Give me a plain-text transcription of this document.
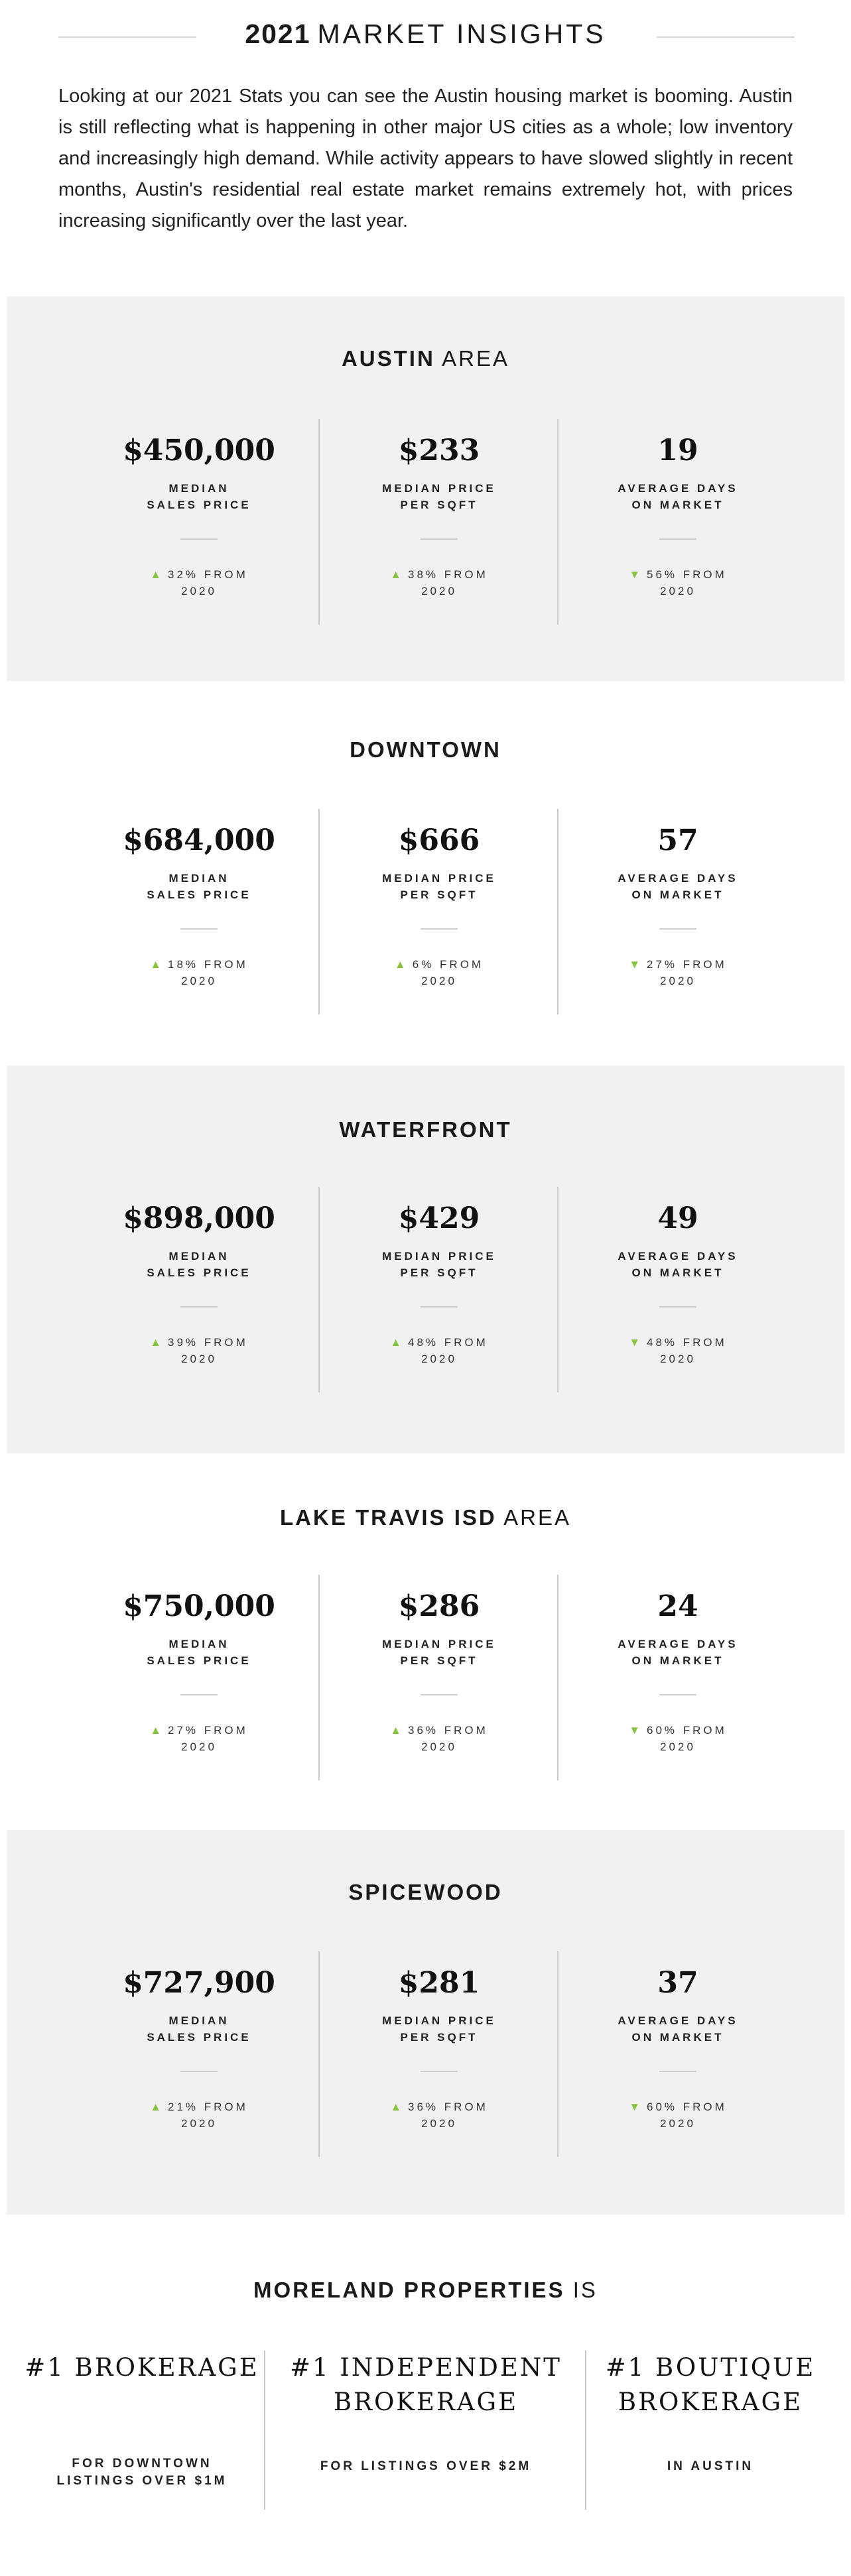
2021 MARKET INSIGHTS

Looking at our 2021 Stats you can see the Austin housing market is booming. Austin is still reflecting what is happening in other major US cities as a whole; low inventory and increasingly high demand. While activity appears to have slowed slightly in recent months, Austin's residential real estate market remains extremely hot, with prices increasing significantly over the last year.

AUSTIN AREA
$450,000
MEDIAN
SALES PRICE
▲ 32% FROM
2020
$233
MEDIAN PRICE
PER SQFT
▲ 38% FROM
2020
19
AVERAGE DAYS
ON MARKET
▼ 56% FROM
2020
DOWNTOWN
$684,000
MEDIAN
SALES PRICE
▲ 18% FROM
2020
$666
MEDIAN PRICE
PER SQFT
▲ 6% FROM
2020
57
AVERAGE DAYS
ON MARKET
▼ 27% FROM
2020
WATERFRONT
$898,000
MEDIAN
SALES PRICE
▲ 39% FROM
2020
$429
MEDIAN PRICE
PER SQFT
▲ 48% FROM
2020
49
AVERAGE DAYS
ON MARKET
▼ 48% FROM
2020
LAKE TRAVIS ISD AREA
$750,000
MEDIAN
SALES PRICE
▲ 27% FROM
2020
$286
MEDIAN PRICE
PER SQFT
▲ 36% FROM
2020
24
AVERAGE DAYS
ON MARKET
▼ 60% FROM
2020
SPICEWOOD
$727,900
MEDIAN
SALES PRICE
▲ 21% FROM
2020
$281
MEDIAN PRICE
PER SQFT
▲ 36% FROM
2020
37
AVERAGE DAYS
ON MARKET
▼ 60% FROM
2020
MORELAND PROPERTIES IS
#1 BROKERAGE
FOR DOWNTOWN
LISTINGS OVER $1M
#1 INDEPENDENT
BROKERAGE
FOR LISTINGS OVER $2M
#1 BOUTIQUE
BROKERAGE
IN AUSTIN
